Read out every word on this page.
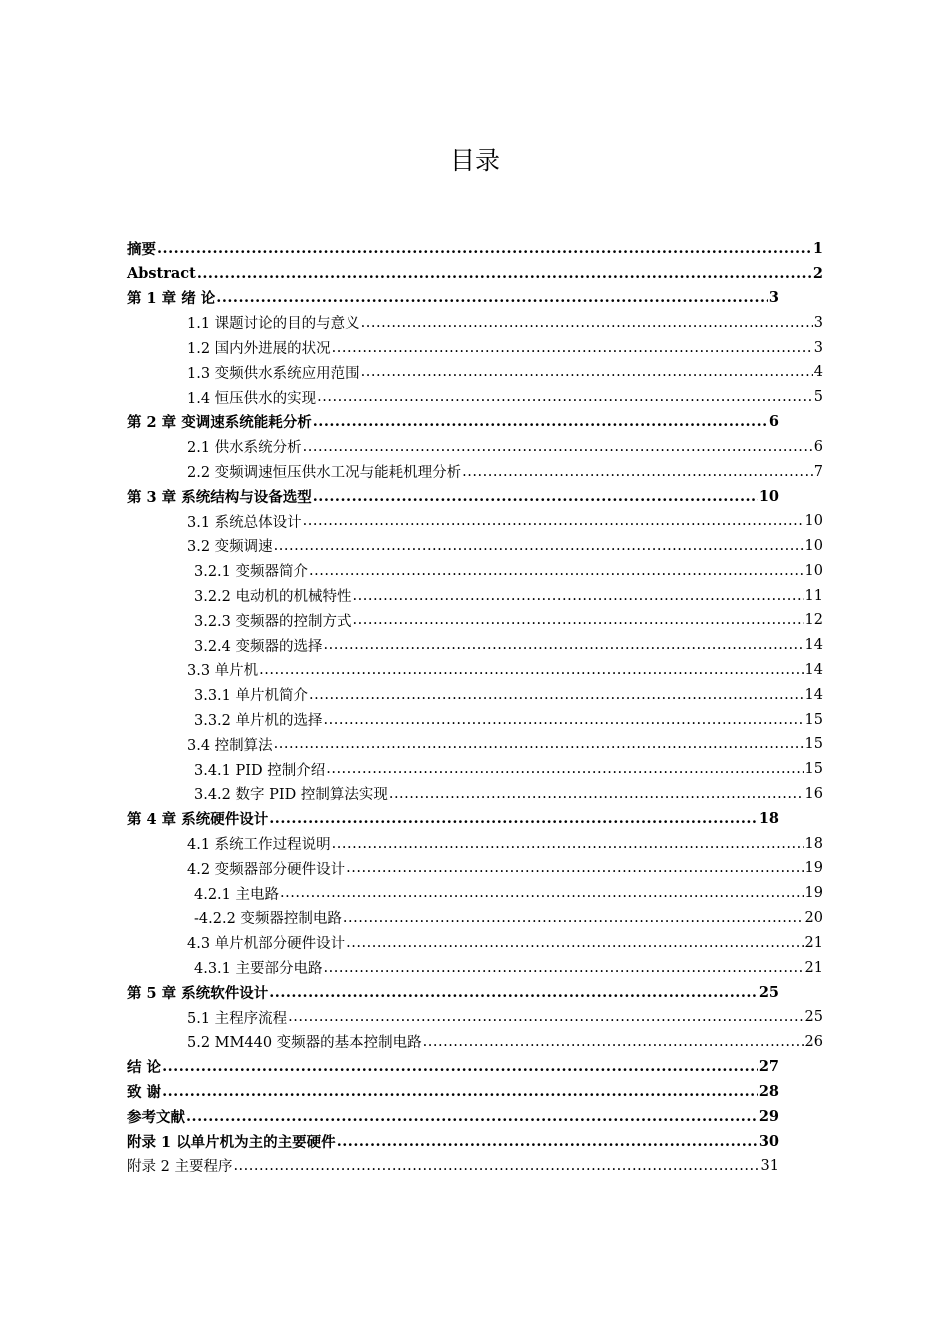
目录
摘要 .....	1
Abstract .....	2
第 1 章 绪 论 .....	3
1.1 课题讨论的目的与意义 .....	3
1.2 国内外进展的状况 .....	3
1.3 变频供水系统应用范围 .....	4
1.4 恒压供水的实现 .....	5
第 2 章 变调速系统能耗分析 .....	6
2.1 供水系统分析 .....	6
2.2 变频调速恒压供水工况与能耗机理分析 .....	7
第 3 章 系统结构与设备选型 .....	10
3.1 系统总体设计 .....	10
3.2 变频调速 .....	10
3.2.1 变频器简介 .....	10
3.2.2 电动机的机械特性 .....	11
3.2.3 变频器的控制方式 .....	12
3.2.4 变频器的选择 .....	14
3.3 单片机 .....	14
3.3.1 单片机简介 .....	14
3.3.2 单片机的选择 .....	15
3.4 控制算法 .....	15
3.4.1 PID 控制介绍 .....	15
3.4.2 数字 PID 控制算法实现 .....	16
第 4 章 系统硬件设计 .....	18
4.1 系统工作过程说明 .....	18
4.2 变频器部分硬件设计 .....	19
4.2.1 主电路 .....	19
-4.2.2 变频器控制电路 .....	20
4.3 单片机部分硬件设计 .....	21
4.3.1 主要部分电路 .....	21
第 5 章 系统软件设计 .....	25
5.1 主程序流程 .....	25
5.2 MM440 变频器的基本控制电路 .....	26
结 论 .....	27
致 谢 .....	28
参考文献 .....	29
附录 1 以单片机为主的主要硬件 .....	30
附录 2 主要程序 .....	31
